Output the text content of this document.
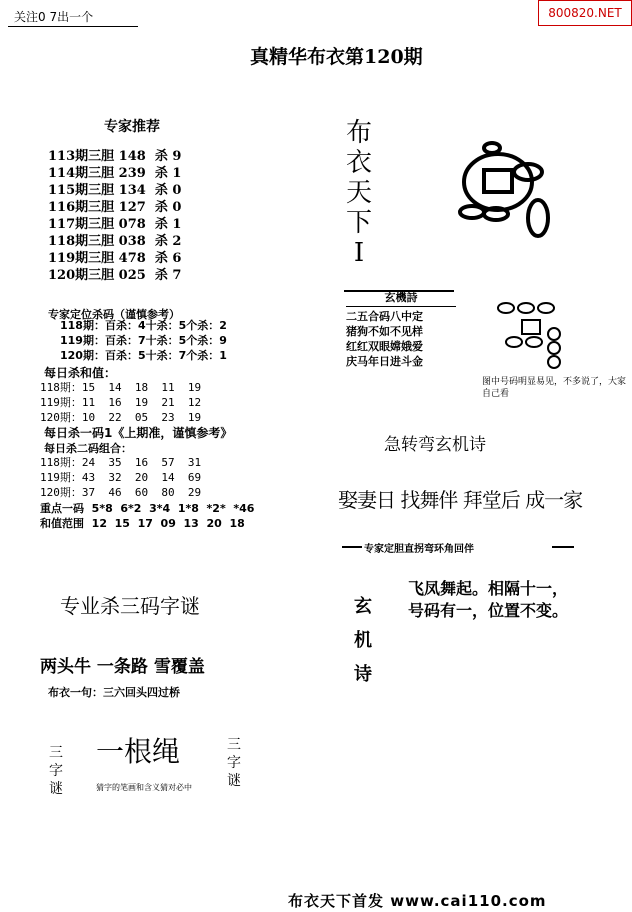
关注0 7出一个	800820.NET
真精华布衣第120期
专家推荐
113期三胆 148  杀 9
114期三胆 239  杀 1
115期三胆 134  杀 0
116期三胆 127  杀 0
117期三胆 078  杀 1
118期三胆 038  杀 2
119期三胆 478  杀 6
120期三胆 025  杀 7
专家定位杀码（谨慎参考）
118期：百杀：4十杀：5个杀：2
119期：百杀：7十杀：5个杀：9
120期：百杀：5十杀：7个杀：1
每日杀和值：
118期：15  14  18  11  19
119期：11  16  19  21  12
120期：10  22  05  23  19
每日杀一码1《上期准，谨慎参考》
每日杀二码组合：
118期：24  35  16  57  31
119期：43  32  20  14  69
120期：37  46  60  80  29
重点一码  5*8  6*2  3*4  1*8  *2*  *46
和值范围  12  15  17  09  13  20  18
专业杀三码字谜
两头牛 一条路 雪覆盖
布衣一句：三六回头四过桥
三字谜
一根绳
猜字的笔画和含义猜对必中
三字谜
布衣天下I
玄機詩
二五合码八中定
猪狗不如不见样
红红双眼嫦娥爱
庆马年日进斗金
图中号码明显易见，不多说了，大家自己看
急转弯玄机诗
娶妻日 找舞伴 拜堂后 成一家
专家定胆直拐弯环角回伴
玄机诗
飞凤舞起。相隔十一，
号码有一，位置不变。
布衣天下首发 www.cai110.com
